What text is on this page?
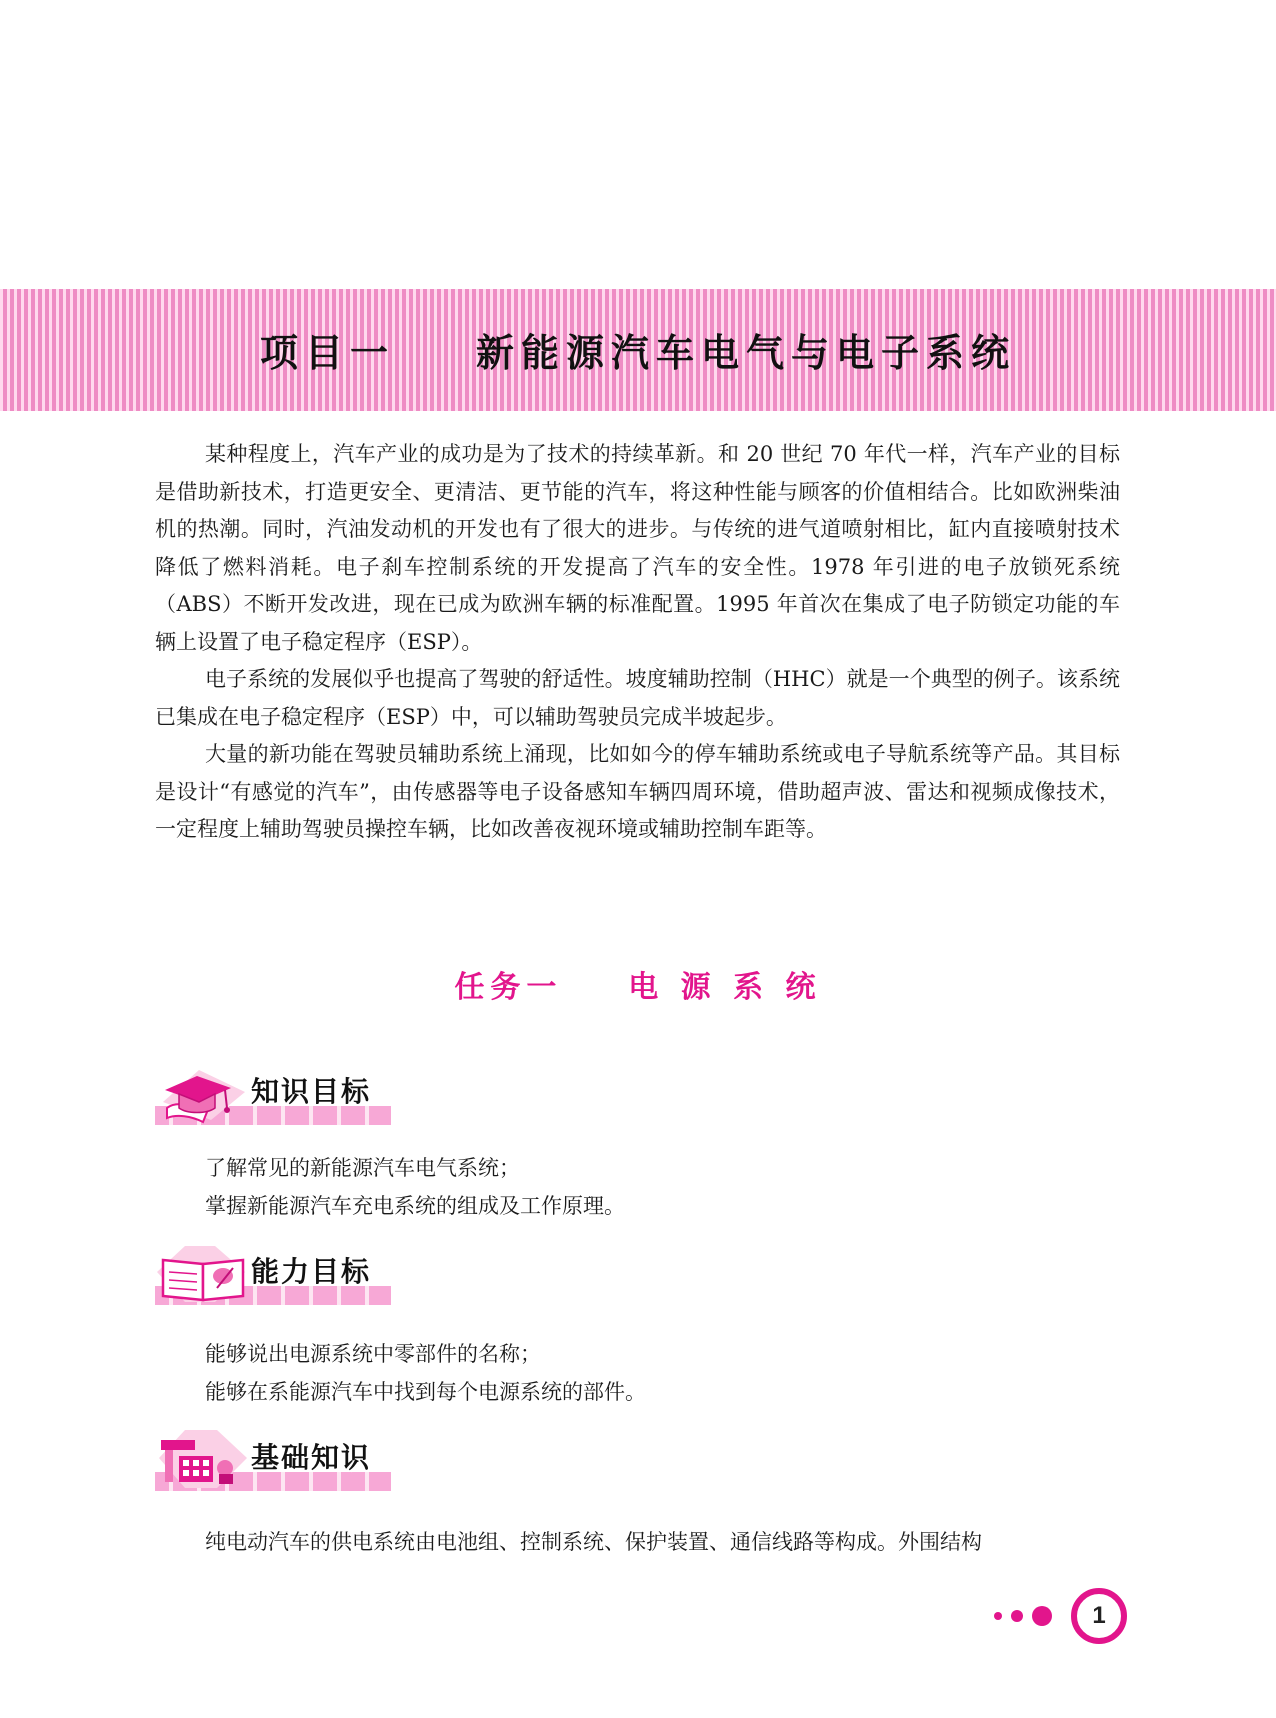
项目一    新能源汽车电气与电子系统

某种程度上，汽车产业的成功是为了技术的持续革新。和 20 世纪 70 年代一样，汽车产业的目标是借助新技术，打造更安全、更清洁、更节能的汽车，将这种性能与顾客的价值相结合。比如欧洲柴油机的热潮。同时，汽油发动机的开发也有了很大的进步。与传统的进气道喷射相比，缸内直接喷射技术降低了燃料消耗。电子刹车控制系统的开发提高了汽车的安全性。1978 年引进的电子放锁死系统（ABS）不断开发改进，现在已成为欧洲车辆的标准配置。1995 年首次在集成了电子防锁定功能的车辆上设置了电子稳定程序（ESP）。

电子系统的发展似乎也提高了驾驶的舒适性。坡度辅助控制（HHC）就是一个典型的例子。该系统已集成在电子稳定程序（ESP）中，可以辅助驾驶员完成半坡起步。

大量的新功能在驾驶员辅助系统上涌现，比如如今的停车辅助系统或电子导航系统等产品。其目标是设计“有感觉的汽车”，由传感器等电子设备感知车辆四周环境，借助超声波、雷达和视频成像技术，一定程度上辅助驾驶员操控车辆，比如改善夜视环境或辅助控制车距等。

任务一    电 源 系 统
知识目标
了解常见的新能源汽车电气系统；
掌握新能源汽车充电系统的组成及工作原理。
能力目标
能够说出电源系统中零部件的名称；
能够在系能源汽车中找到每个电源系统的部件。
基础知识

纯电动汽车的供电系统由电池组、控制系统、保护装置、通信线路等构成。外围结构

1
